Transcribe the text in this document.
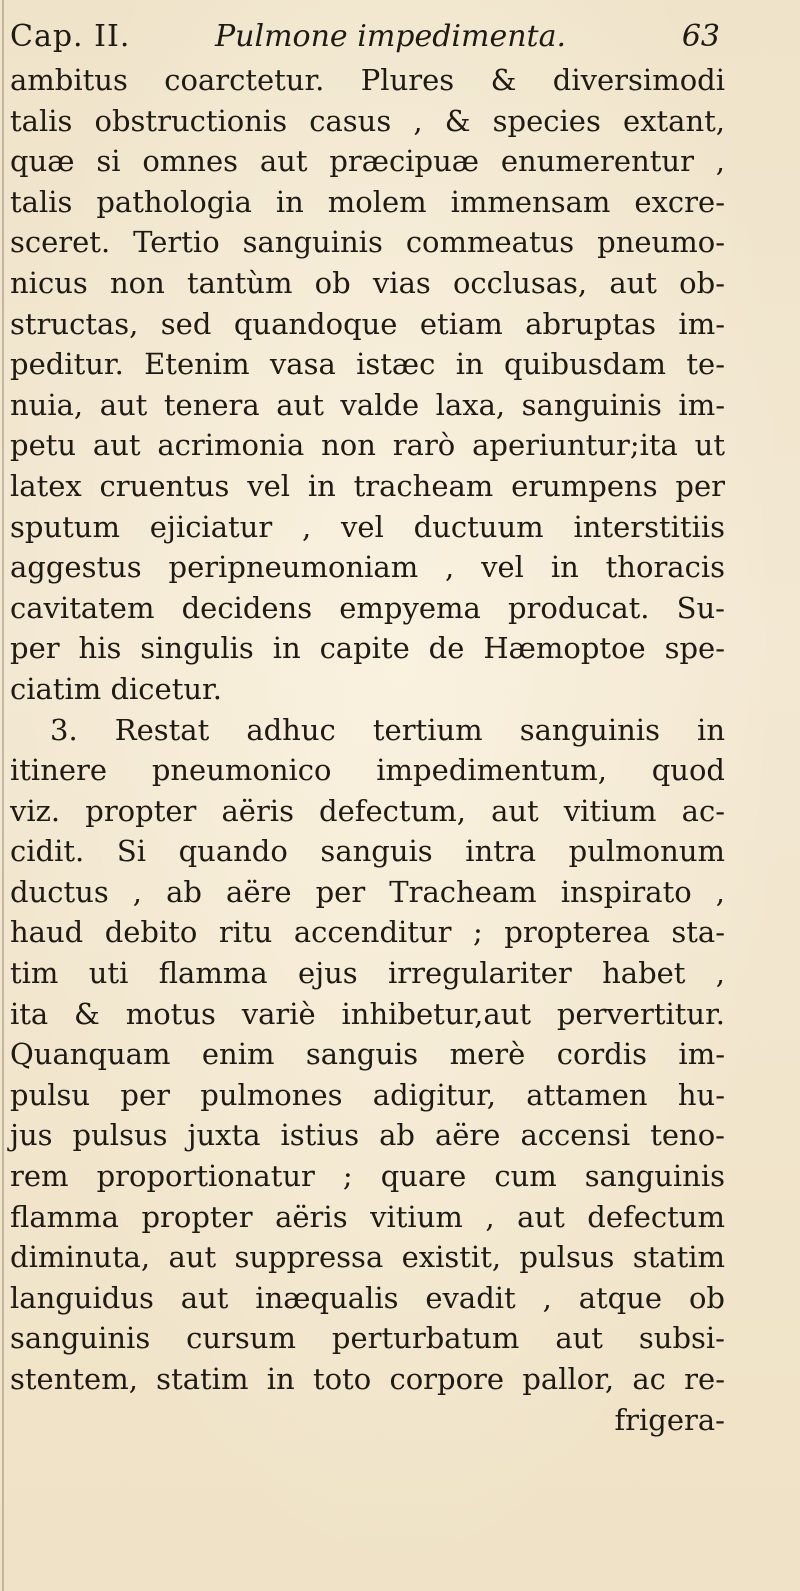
Cap. II.	Pulmone impedimenta.	63
ambitus coarctetur. Plures & diversimodi
talis obstructionis casus , & species extant,
quæ si omnes aut præcipuæ enumerentur ,
talis pathologia in molem immensam excre-
sceret. Tertio sanguinis commeatus pneumo-
nicus non tantùm ob vias occlusas, aut ob-
structas, sed quandoque etiam abruptas im-
peditur. Etenim vasa istæc in quibusdam te-
nuia, aut tenera aut valde laxa, sanguinis im-
petu aut acrimonia non rarò aperiuntur;ita ut
latex cruentus vel in tracheam erumpens per
sputum ejiciatur , vel ductuum interstitiis
aggestus peripneumoniam , vel in thoracis
cavitatem decidens empyema producat. Su-
per his singulis in capite de Hæmoptoe spe-
ciatim dicetur.
3. Restat adhuc tertium sanguinis in
itinere pneumonico impedimentum, quod
viz. propter aëris defectum, aut vitium ac-
cidit. Si quando sanguis intra pulmonum
ductus , ab aëre per Tracheam inspirato ,
haud debito ritu accenditur ; propterea sta-
tim uti flamma ejus irregulariter habet ,
ita & motus variè inhibetur,aut pervertitur.
Quanquam enim sanguis merè cordis im-
pulsu per pulmones adigitur, attamen hu-
jus pulsus juxta istius ab aëre accensi teno-
rem proportionatur ; quare cum sanguinis
flamma propter aëris vitium , aut defectum
diminuta, aut suppressa existit, pulsus statim
languidus aut inæqualis evadit , atque ob
sanguinis cursum perturbatum aut subsi-
stentem, statim in toto corpore pallor, ac re-
frigera-
